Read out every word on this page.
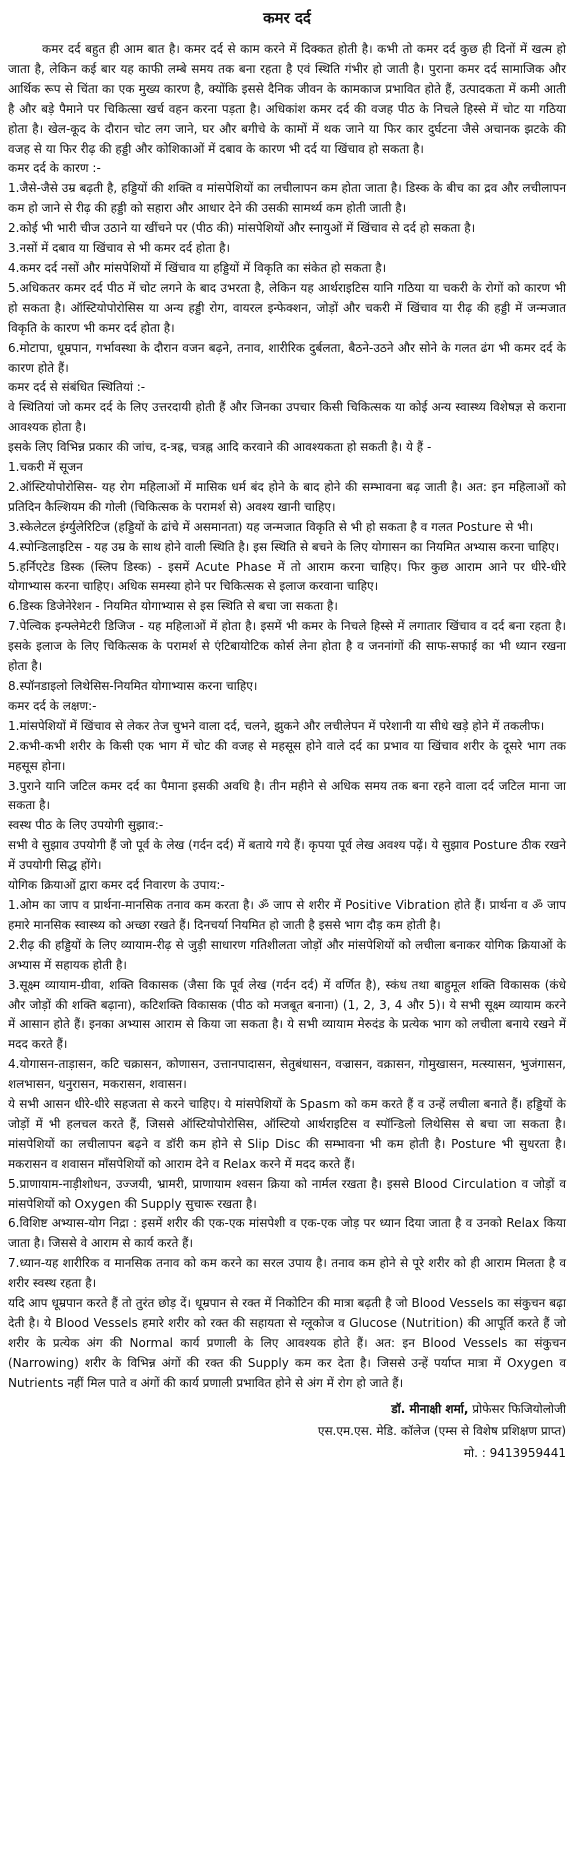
कमर दर्द

कमर दर्द बहुत ही आम बात है। कमर दर्द से काम करने में दिक्कत होती है। कभी तो कमर दर्द कुछ ही दिनों में खत्म हो जाता है, लेकिन कई बार यह काफी लम्बे समय तक बना रहता है एवं स्थिति गंभीर हो जाती है। पुराना कमर दर्द सामाजिक और आर्थिक रूप से चिंता का एक मुख्य कारण है, क्योंकि इससे दैनिक जीवन के कामकाज प्रभावित होते हैं, उत्पादकता में कमी आती है और बड़े पैमाने पर चिकित्सा खर्च वहन करना पड़ता है। अधिकांश कमर दर्द की वजह पीठ के निचले हिस्से में चोट या गठिया होता है। खेल-कूद के दौरान चोट लग जाने, घर और बगीचे के कामों में थक जाने या फिर कार दुर्घटना जैसे अचानक झटके की वजह से या फिर रीढ़ की हड्डी और कोशिकाओं में दबाव के कारण भी दर्द या खिंचाव हो सकता है।

कमर दर्द के कारण :-

1.जैसे-जैसे उम्र बढ़ती है, हड्डियों की शक्ति व मांसपेशियों का लचीलापन कम होता जाता है। डिस्क के बीच का द्रव और लचीलापन कम हो जाने से रीढ़ की हड्डी को सहारा और आधार देने की उसकी सामर्थ्य कम होती जाती है।

2.कोई भी भारी चीज उठाने या खींचने पर (पीठ की) मांसपेशियों और स्नायुओं में खिंचाव से दर्द हो सकता है।

3.नसों में दबाव या खिंचाव से भी कमर दर्द होता है।

4.कमर दर्द नसों और मांसपेशियों में खिंचाव या हड्डियों में विकृति का संकेत हो सकता है।

5.अधिकतर कमर दर्द पीठ में चोट लगने के बाद उभरता है, लेकिन यह आर्थराइटिस यानि गठिया या चकरी के रोगों को कारण भी हो सकता है। ऑस्टियोपोरोसिस या अन्य हड्डी रोग, वायरल इन्फेक्शन, जोड़ों और चकरी में खिंचाव या रीढ़ की हड्डी में जन्मजात विकृति के कारण भी कमर दर्द होता है।

6.मोटापा, धूम्रपान, गर्भावस्था के दौरान वजन बढ़ने, तनाव, शारीरिक दुर्बलता, बैठने-उठने और सोने के गलत ढंग भी कमर दर्द के कारण होते हैं।

कमर दर्द से संबंधित स्थितियां :-

वे स्थितियां जो कमर दर्द के लिए उत्तरदायी होती हैं और जिनका उपचार किसी चिकित्सक या कोई अन्य स्वास्थ्य विशेषज्ञ से कराना आवश्यक होता है।

इसके लिए विभिन्न प्रकार की जांच, द-त्रह्र, चत्रह्न आदि करवाने की आवश्यकता हो सकती है। ये हैं -

1.चकरी में सूजन

2.ऑस्टियोपोरोसिस- यह रोग महिलाओं में मासिक धर्म बंद होने के बाद होने की सम्भावना बढ़ जाती है। अत: इन महिलाओं को प्रतिदिन कैल्शियम की गोली (चिकित्सक के परामर्श से) अवश्य खानी चाहिए।

3.स्केलेटल इंर्ग्युलेरिटिज (हड्डियों के ढांचे में असमानता) यह जन्मजात विकृति से भी हो सकता है व गलत Posture से भी।

4.स्पोन्डिलाइटिस - यह उम्र के साथ होने वाली स्थिति है। इस स्थिति से बचने के लिए योगासन का नियमित अभ्यास करना चाहिए।

5.हर्निएटेड डिस्क (स्लिप डिस्क) - इसमें Acute Phase में तो आराम करना चाहिए। फिर कुछ आराम आने पर धीरे-धीरे योगाभ्यास करना चाहिए। अधिक समस्या होने पर चिकित्सक से इलाज करवाना चाहिए।

6.डिस्क डिजेनेरेशन - नियमित योगाभ्यास से इस स्थिति से बचा जा सकता है।

7.पेल्विक इन्फ्लेमेटरी डिजिज - यह महिलाओं में होता है। इसमें भी कमर के निचले हिस्से में लगातार खिंचाव व दर्द बना रहता है। इसके इलाज के लिए चिकित्सक के परामर्श से एंटिबायोटिक कोर्स लेना होता है व जननांगों की साफ-सफाई का भी ध्यान रखना होता है।

8.स्पॉनडाइलो लिथेसिस-नियमित योगाभ्यास करना चाहिए।

कमर दर्द के लक्षण:-

1.मांसपेशियों में खिंचाव से लेकर तेज चुभने वाला दर्द, चलने, झुकने और लचीलेपन में परेशानी या सीधे खड़े होने में तकलीफ।

2.कभी-कभी शरीर के किसी एक भाग में चोट की वजह से महसूस होने वाले दर्द का प्रभाव या खिंचाव शरीर के दूसरे भाग तक महसूस होना।

3.पुराने यानि जटिल कमर दर्द का पैमाना इसकी अवधि है। तीन महीने से अधिक समय तक बना रहने वाला दर्द जटिल माना जा सकता है।

स्वस्थ पीठ के लिए उपयोगी सुझाव:-

सभी वे सुझाव उपयोगी हैं जो पूर्व के लेख (गर्दन दर्द) में बताये गये हैं। कृपया पूर्व लेख अवश्य पढ़ें। ये सुझाव Posture ठीक रखने में उपयोगी सिद्ध होंगे।

योगिक क्रियाओं द्वारा कमर दर्द निवारण के उपाय:-

1.ओम का जाप व प्रार्थना-मानसिक तनाव कम करता है। ॐ जाप से शरीर में Positive Vibration होते हैं। प्रार्थना व ॐ जाप हमारे मानसिक स्वास्थ्य को अच्छा रखते हैं। दिनचर्या नियमित हो जाती है इससे भाग दौड़ कम होती है।

2.रीढ़ की हड्डियों के लिए व्यायाम-रीढ़ से जुड़ी साधारण गतिशीलता जोड़ों और मांसपेशियों को लचीला बनाकर योगिक क्रियाओं के अभ्यास में सहायक होती है।

3.सूक्ष्म व्यायाम-ग्रीवा, शक्ति विकासक (जैसा कि पूर्व लेख (गर्दन दर्द) में वर्णित है), स्कंध तथा बाहुमूल शक्ति विकासक (कंधे और जोड़ों की शक्ति बढ़ाना), कटिशक्ति विकासक (पीठ को मजबूत बनाना) (1, 2, 3, 4 और 5)। ये सभी सूक्ष्म व्यायाम करने में आसान होते हैं। इनका अभ्यास आराम से किया जा सकता है। ये सभी व्यायाम मेरुदंड के प्रत्येक भाग को लचीला बनाये रखने में मदद करते हैं।

4.योगासन-ताड़ासन, कटि चक्रासन, कोणासन, उत्तानपादासन, सेतुबंधासन, वज्रासन, वक्रासन, गोमुखासन, मत्स्यासन, भुजंगासन, शलभासन, धनुरासन, मकरासन, शवासन।

ये सभी आसन धीरे-धीरे सहजता से करने चाहिए। ये मांसपेशियों के Spasm को कम करते हैं व उन्हें लचीला बनाते हैं। हड्डियों के जोड़ों में भी हलचल करते हैं, जिससे ऑस्टियोपोरोसिस, ऑस्टियो आर्थराइटिस व स्पॉन्डिलो लिथेसिस से बचा जा सकता है। मांसपेशियों का लचीलापन बढ़ने व डॉरी कम होने से Slip Disc की सम्भावना भी कम होती है। Posture भी सुधरता है। मकरासन व शवासन माँसपेशियों को आराम देने व Relax करने में मदद करते हैं।

5.प्राणायाम-नाड़ीशोधन, उज्जयी, भ्रामरी, प्राणायाम श्वसन क्रिया को नार्मल रखता है। इससे Blood Circulation व जोड़ों व मांसपेशियों को Oxygen की Supply सुचारू रखता है।

6.विशिष्ट अभ्यास-योग निद्रा : इसमें शरीर की एक-एक मांसपेशी व एक-एक जोड़ पर ध्यान दिया जाता है व उनको Relax किया जाता है। जिससे वे आराम से कार्य करते हैं।

7.ध्यान-यह शारीरिक व मानसिक तनाव को कम करने का सरल उपाय है। तनाव कम होने से पूरे शरीर को ही आराम मिलता है व शरीर स्वस्थ रहता है।

यदि आप धूम्रपान करते हैं तो तुरंत छोड़ दें। धूम्रपान से रक्त में निकोटिन की मात्रा बढ़ती है जो Blood Vessels का संकुचन बढ़ा देती है। ये Blood Vessels हमारे शरीर को रक्त की सहायता से ग्लूकोज व Glucose (Nutrition) की आपूर्ति करते हैं जो शरीर के प्रत्येक अंग की Normal कार्य प्रणाली के लिए आवश्यक होते हैं। अत: इन Blood Vessels का संकुचन (Narrowing) शरीर के विभिन्न अंगों की रक्त की Supply कम कर देता है। जिससे उन्हें पर्याप्त मात्रा में Oxygen व Nutrients नहीं मिल पाते व अंगों की कार्य प्रणाली प्रभावित होने से अंग में रोग हो जाते हैं।

डॉ. मीनाक्षी शर्मा, प्रोफेसर फिजियोलोजी
एस.एम.एस. मेडि. कॉलेज (एम्स से विशेष प्रशिक्षण प्राप्त)
मो. : 9413959441
